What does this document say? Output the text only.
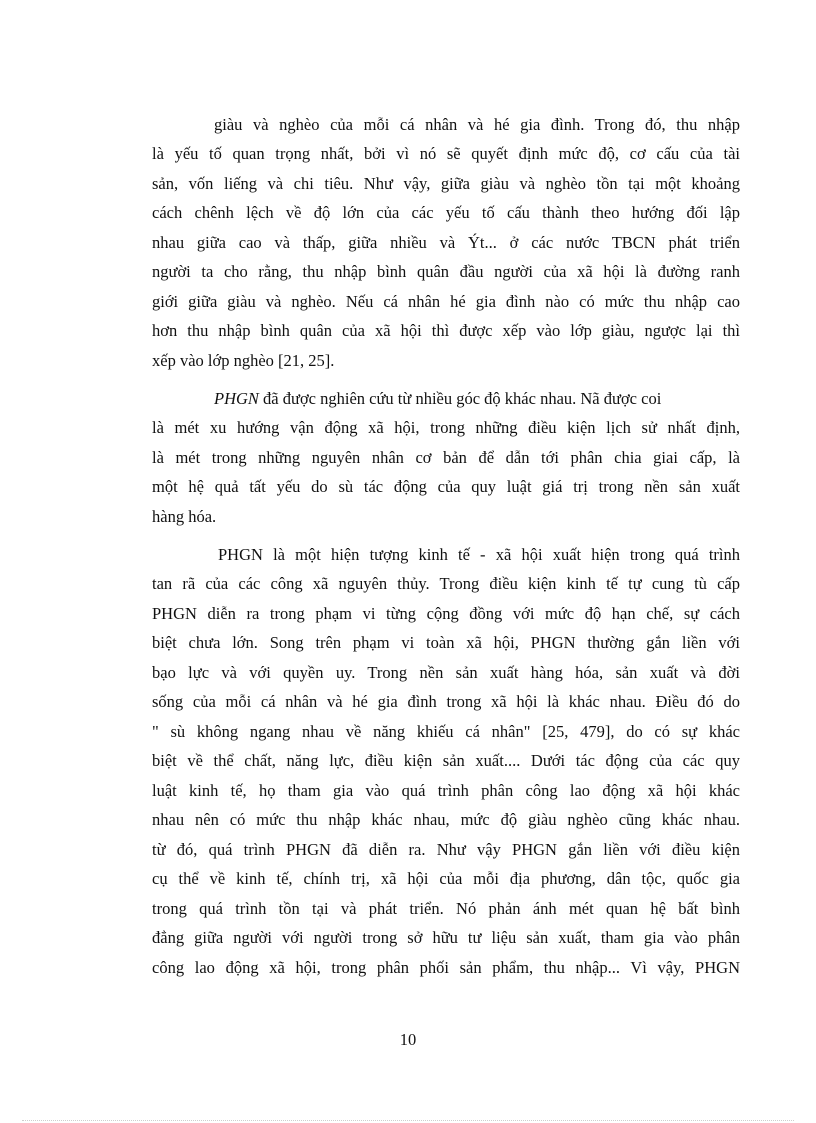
giàu và nghèo của mỗi cá nhân và hé gia đình. Trong đó, thu nhập
là yếu tố quan trọng nhất, bởi vì nó sẽ quyết định mức độ, cơ cấu của tài
sản, vốn liếng và chi tiêu. Như vậy, giữa giàu và nghèo tồn tại một khoảng
cách chênh lệch về độ lớn của các yếu tố cấu thành theo hướng đối lập
nhau giữa cao và thấp, giữa nhiều và Ýt... ở các nước TBCN phát triển
người ta cho rằng, thu nhập bình quân đầu người của xã hội là đường ranh
giới giữa giàu và nghèo. Nếu cá nhân hé gia đình nào có mức thu nhập cao
hơn thu nhập bình quân của xã hội thì được xếp vào lớp giàu, ngược lại thì
xếp vào lớp nghèo [21, 25].
PHGN đã được nghiên cứu từ nhiều góc độ khác nhau. Nã được coi
là mét xu hướng vận động xã hội, trong những điều kiện lịch sử nhất định,
là mét trong những nguyên nhân cơ bản để dẫn tới phân chia giai cấp, là
một hệ quả tất yếu do sù tác động của quy luật giá trị trong nền sản xuất
hàng hóa.
PHGN là một hiện tượng kinh tế - xã hội xuất hiện trong quá trình
tan rã của các công xã nguyên thủy. Trong điều kiện kinh tế tự cung tù cấp
PHGN diễn ra trong phạm vi từng cộng đồng với mức độ hạn chế, sự cách
biệt chưa lớn. Song trên phạm vi toàn xã hội, PHGN thường gắn liền với
bạo lực và với quyền uy. Trong nền sản xuất hàng hóa, sản xuất và đời
sống của mỗi cá nhân và hé gia đình trong xã hội là khác nhau. Điều đó do
" sù không ngang nhau về năng khiếu cá nhân" [25, 479], do có sự khác
biệt về thể chất, năng lực, điều kiện sản xuất.... Dưới tác động của các quy
luật kinh tế, họ tham gia vào quá trình phân công lao động xã hội khác
nhau nên có mức thu nhập khác nhau, mức độ giàu nghèo cũng khác nhau.
từ đó, quá trình PHGN đã diễn ra. Như vậy PHGN gắn liền với điều kiện
cụ thể về kinh tế, chính trị, xã hội của mỗi địa phương, dân tộc, quốc gia
trong quá trình tồn tại và phát triển. Nó phản ánh mét quan hệ bất bình
đẳng giữa người với người trong sở hữu tư liệu sản xuất, tham gia vào phân
công lao động xã hội, trong phân phối sản phẩm, thu nhập... Vì vậy, PHGN
10
